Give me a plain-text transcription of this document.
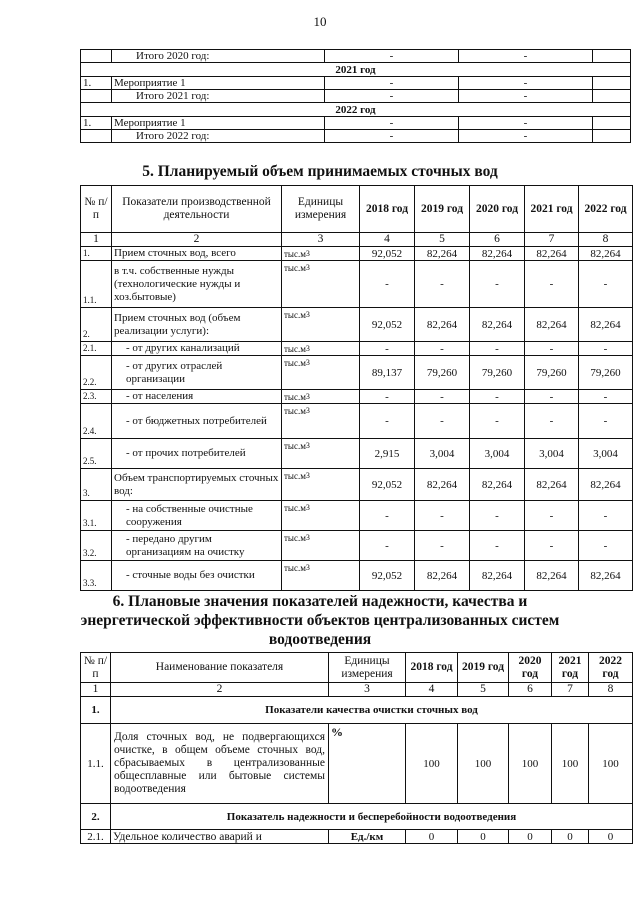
10
	Итого 2020 год:	-	-	
2021 год				
1.	Мероприятие 1	-	-	
	Итого 2021 год:	-	-	
2022 год				
1.	Мероприятие 1	-	-	
	Итого 2022 год:	-	-	
5. Планируемый объем принимаемых сточных вод
№ п/ п	Показатели производственной деятельности	Единицы измерения	2018 год	2019 год	2020 год	2021 год	2022 год
1	2	3	4	5	6	7	8
1.	Прием сточных вод, всего	тыс.м3	92,052	82,264	82,264	82,264	82,264
1.1.	в т.ч. собственные нужды (технологические нужды и хоз.бытовые)	тыс.м3	-	-	-	-	-
2.	Прием сточных вод (объем реализации услуги):	тыс.м3	92,052	82,264	82,264	82,264	82,264
2.1.	- от других канализаций	тыс.м3	-	-	-	-	-
2.2.	- от других отраслей организации	тыс.м3	89,137	79,260	79,260	79,260	79,260
2.3.	- от населения	тыс.м3	-	-	-	-	-
2.4.	- от бюджетных потребителей	тыс.м3	-	-	-	-	-
2.5.	- от прочих потребителей	тыс.м3	2,915	3,004	3,004	3,004	3,004
3.	Объем транспортируемых сточных вод:	тыс.м3	92,052	82,264	82,264	82,264	82,264
3.1.	- на собственные очистные сооружения	тыс.м3	-	-	-	-	-
3.2.	- передано другим организациям на очистку	тыс.м3	-	-	-	-	-
3.3.	- сточные воды без очистки	тыс.м3	92,052	82,264	82,264	82,264	82,264
6. Плановые значения показателей надежности, качества и
энергетической эффективности объектов централизованных систем
водоотведения
№ п/п	Наименование показателя	Единицы измерения	2018 год	2019 год	2020 год	2021 год	2022 год
1	2	3	4	5	6	7	8
1.	Показатели качества очистки сточных вод						
1.1.	Доля сточных вод, не подвергающихся очистке, в общем объеме сточных вод, сбрасываемых в централизованные общесплавные или бытовые системы водоотведения	%	100	100	100	100	100
2.	Показатель надежности и бесперебойности водоотведения						
2.1.	Удельное количество аварий и	Ед./км	0	0	0	0	0
